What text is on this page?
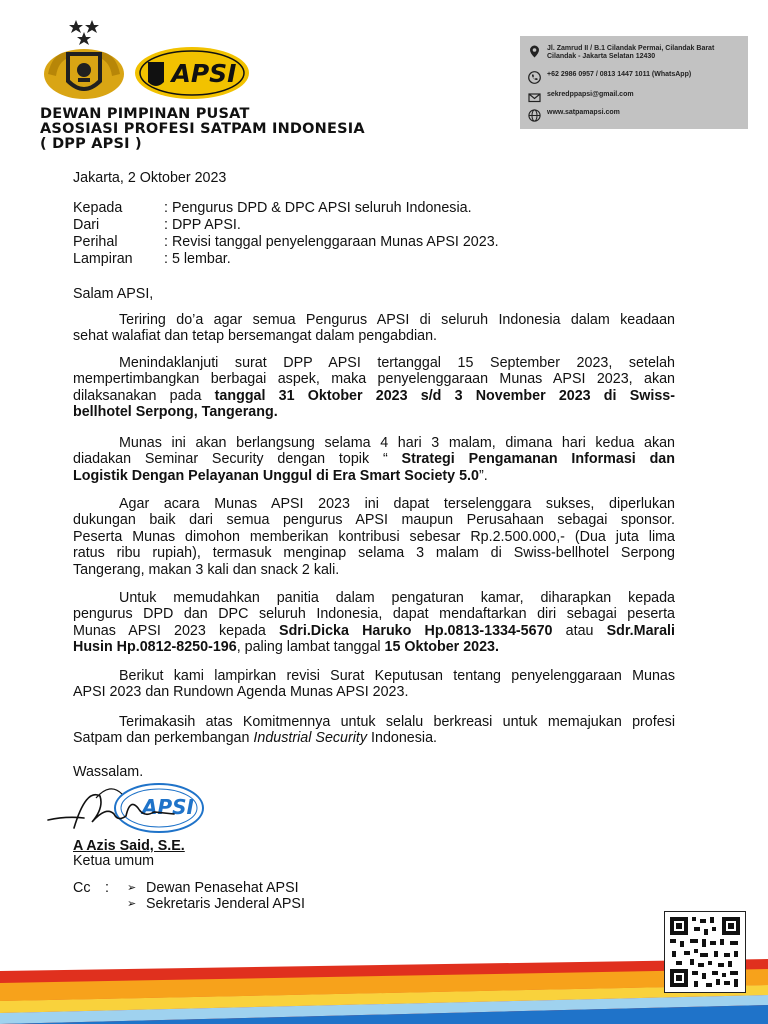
APSI
DEWAN PIMPINAN PUSAT
ASOSIASI PROFESI SATPAM INDONESIA
( DPP APSI )
Jl. Zamrud II / B.1 Cilandak Permai, Cilandak Barat Cilandak - Jakarta Selatan 12430
+62 2986 0957 / 0813 1447 1011 (WhatsApp)
sekredppapsi@gmail.com
www.satpamapsi.com
Jakarta, 2 Oktober 2023
Kepada	: Pengurus DPD & DPC APSI seluruh Indonesia.
Dari	: DPP APSI.
Perihal	: Revisi tanggal penyelenggaraan Munas APSI 2023.
Lampiran : 5 lembar.
Salam APSI,
Teriring do’a agar semua Pengurus APSI di seluruh Indonesia dalam keadaan
sehat walafiat dan tetap bersemangat dalam pengabdian.
Menindaklanjuti surat DPP APSI tertanggal 15 September 2023, setelah
mempertimbangkan berbagai aspek, maka penyelenggaraan Munas APSI 2023, akan
dilaksanakan pada tanggal 31 Oktober 2023 s/d 3 November 2023 di Swiss-
bellhotel Serpong, Tangerang.
Munas ini akan berlangsung selama 4 hari 3 malam, dimana hari kedua akan
diadakan Seminar Security dengan topik “ Strategi Pengamanan Informasi dan
Logistik Dengan Pelayanan Unggul di Era Smart Society 5.0”.
Agar acara Munas APSI 2023 ini dapat terselenggara sukses, diperlukan
dukungan baik dari semua pengurus APSI maupun Perusahaan sebagai sponsor.
Peserta Munas dimohon memberikan kontribusi sebesar Rp.2.500.000,- (Dua juta lima
ratus ribu rupiah), termasuk menginap selama 3 malam di Swiss-bellhotel Serpong
Tangerang, makan 3 kali dan snack 2 kali.
Untuk memudahkan panitia dalam pengaturan kamar, diharapkan kepada
pengurus DPD dan DPC seluruh Indonesia, dapat mendaftarkan diri sebagai peserta
Munas APSI 2023 kepada Sdri.Dicka Haruko Hp.0813-1334-5670 atau Sdr.Marali
Husin Hp.0812-8250-196, paling lambat tanggal 15 Oktober 2023.
Berikut kami lampirkan revisi Surat Keputusan tentang penyelenggaraan Munas
APSI 2023 dan Rundown Agenda Munas APSI 2023.
Terimakasih atas Komitmennya untuk selalu berkreasi untuk memajukan profesi
Satpam dan perkembangan Industrial Security Indonesia.
Wassalam.
APSI
A Azis Said, S.E.
Ketua umum
Cc : ➢ Dewan Penasehat APSI
➢ Sekretaris Jenderal APSI
